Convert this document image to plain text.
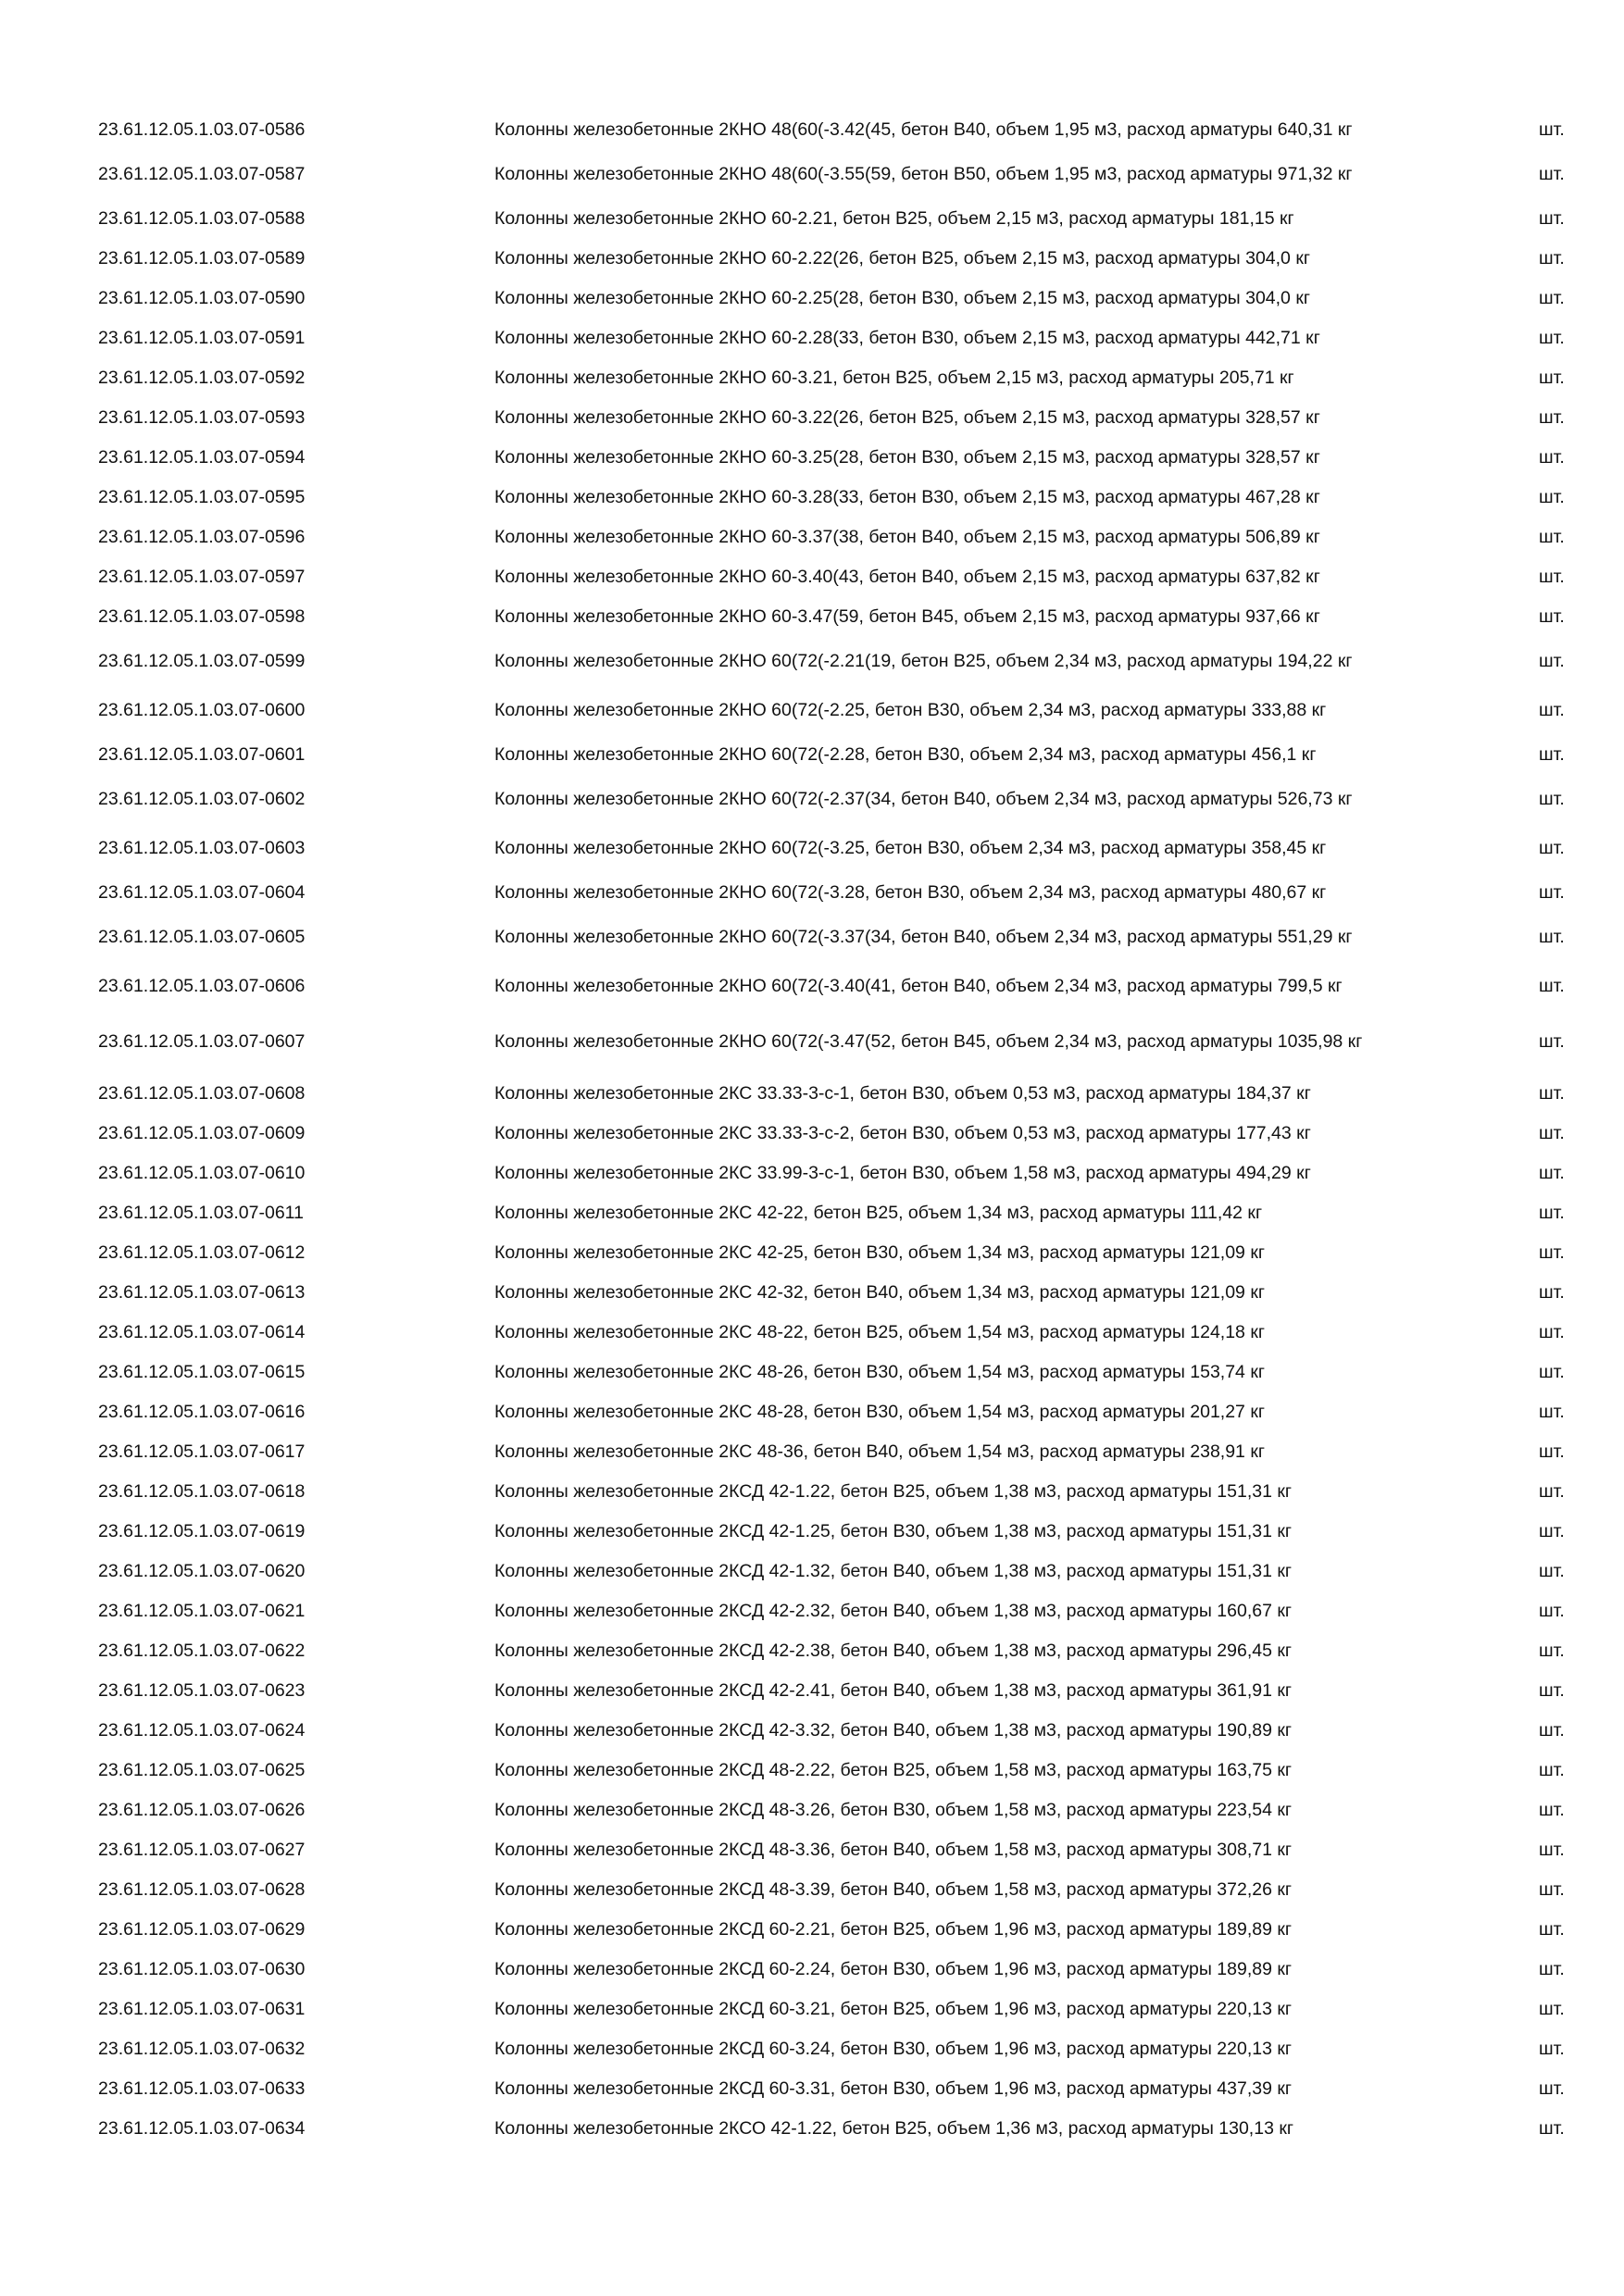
23.61.12.05.1.03.07-0586	Колонны железобетонные 2КНО 48(60(-3.42(45, бетон В40, объем 1,95 м3, расход арматуры 640,31 кг	шт.
23.61.12.05.1.03.07-0587	Колонны железобетонные 2КНО 48(60(-3.55(59, бетон В50, объем 1,95 м3, расход арматуры 971,32 кг	шт.
23.61.12.05.1.03.07-0588	Колонны железобетонные 2КНО 60-2.21, бетон В25, объем 2,15 м3, расход арматуры 181,15 кг	шт.
23.61.12.05.1.03.07-0589	Колонны железобетонные 2КНО 60-2.22(26, бетон В25, объем 2,15 м3, расход арматуры 304,0 кг	шт.
23.61.12.05.1.03.07-0590	Колонны железобетонные 2КНО 60-2.25(28, бетон В30, объем 2,15 м3, расход арматуры 304,0 кг	шт.
23.61.12.05.1.03.07-0591	Колонны железобетонные 2КНО 60-2.28(33, бетон В30, объем 2,15 м3, расход арматуры 442,71 кг	шт.
23.61.12.05.1.03.07-0592	Колонны железобетонные 2КНО 60-3.21, бетон В25, объем 2,15 м3, расход арматуры 205,71 кг	шт.
23.61.12.05.1.03.07-0593	Колонны железобетонные 2КНО 60-3.22(26, бетон В25, объем 2,15 м3, расход арматуры 328,57 кг	шт.
23.61.12.05.1.03.07-0594	Колонны железобетонные 2КНО 60-3.25(28, бетон В30, объем 2,15 м3, расход арматуры 328,57 кг	шт.
23.61.12.05.1.03.07-0595	Колонны железобетонные 2КНО 60-3.28(33, бетон В30, объем 2,15 м3, расход арматуры 467,28 кг	шт.
23.61.12.05.1.03.07-0596	Колонны железобетонные 2КНО 60-3.37(38, бетон В40, объем 2,15 м3, расход арматуры 506,89 кг	шт.
23.61.12.05.1.03.07-0597	Колонны железобетонные 2КНО 60-3.40(43, бетон В40, объем 2,15 м3, расход арматуры 637,82 кг	шт.
23.61.12.05.1.03.07-0598	Колонны железобетонные 2КНО 60-3.47(59, бетон В45, объем 2,15 м3, расход арматуры 937,66 кг	шт.
23.61.12.05.1.03.07-0599	Колонны железобетонные 2КНО 60(72(-2.21(19, бетон В25, объем 2,34 м3, расход арматуры 194,22 кг	шт.
23.61.12.05.1.03.07-0600	Колонны железобетонные 2КНО 60(72(-2.25, бетон В30, объем 2,34 м3, расход арматуры 333,88 кг	шт.
23.61.12.05.1.03.07-0601	Колонны железобетонные 2КНО 60(72(-2.28, бетон В30, объем 2,34 м3, расход арматуры 456,1 кг	шт.
23.61.12.05.1.03.07-0602	Колонны железобетонные 2КНО 60(72(-2.37(34, бетон В40, объем 2,34 м3, расход арматуры 526,73 кг	шт.
23.61.12.05.1.03.07-0603	Колонны железобетонные 2КНО 60(72(-3.25, бетон В30, объем 2,34 м3, расход арматуры 358,45 кг	шт.
23.61.12.05.1.03.07-0604	Колонны железобетонные 2КНО 60(72(-3.28, бетон В30, объем 2,34 м3, расход арматуры 480,67 кг	шт.
23.61.12.05.1.03.07-0605	Колонны железобетонные 2КНО 60(72(-3.37(34, бетон В40, объем 2,34 м3, расход арматуры 551,29 кг	шт.
23.61.12.05.1.03.07-0606	Колонны железобетонные 2КНО 60(72(-3.40(41, бетон В40, объем 2,34 м3, расход арматуры 799,5 кг	шт.
23.61.12.05.1.03.07-0607	Колонны железобетонные 2КНО 60(72(-3.47(52, бетон В45, объем 2,34 м3, расход арматуры 1035,98 кг	шт.
23.61.12.05.1.03.07-0608	Колонны железобетонные 2КС 33.33-3-с-1, бетон В30, объем 0,53 м3, расход арматуры 184,37 кг	шт.
23.61.12.05.1.03.07-0609	Колонны железобетонные 2КС 33.33-3-с-2, бетон В30, объем 0,53 м3, расход арматуры 177,43 кг	шт.
23.61.12.05.1.03.07-0610	Колонны железобетонные 2КС 33.99-3-с-1, бетон В30, объем 1,58 м3, расход арматуры 494,29 кг	шт.
23.61.12.05.1.03.07-0611	Колонны железобетонные 2КС 42-22, бетон В25, объем 1,34 м3, расход арматуры 111,42 кг	шт.
23.61.12.05.1.03.07-0612	Колонны железобетонные 2КС 42-25, бетон В30, объем 1,34 м3, расход арматуры 121,09 кг	шт.
23.61.12.05.1.03.07-0613	Колонны железобетонные 2КС 42-32, бетон В40, объем 1,34 м3, расход арматуры 121,09 кг	шт.
23.61.12.05.1.03.07-0614	Колонны железобетонные 2КС 48-22, бетон В25, объем 1,54 м3, расход арматуры 124,18 кг	шт.
23.61.12.05.1.03.07-0615	Колонны железобетонные 2КС 48-26, бетон В30, объем 1,54 м3, расход арматуры 153,74 кг	шт.
23.61.12.05.1.03.07-0616	Колонны железобетонные 2КС 48-28, бетон В30, объем 1,54 м3, расход арматуры 201,27 кг	шт.
23.61.12.05.1.03.07-0617	Колонны железобетонные 2КС 48-36, бетон В40, объем 1,54 м3, расход арматуры 238,91 кг	шт.
23.61.12.05.1.03.07-0618	Колонны железобетонные 2КСД 42-1.22, бетон В25, объем 1,38 м3, расход арматуры 151,31 кг	шт.
23.61.12.05.1.03.07-0619	Колонны железобетонные 2КСД 42-1.25, бетон В30, объем 1,38 м3, расход арматуры 151,31 кг	шт.
23.61.12.05.1.03.07-0620	Колонны железобетонные 2КСД 42-1.32, бетон В40, объем 1,38 м3, расход арматуры 151,31 кг	шт.
23.61.12.05.1.03.07-0621	Колонны железобетонные 2КСД 42-2.32, бетон В40, объем 1,38 м3, расход арматуры 160,67 кг	шт.
23.61.12.05.1.03.07-0622	Колонны железобетонные 2КСД 42-2.38, бетон В40, объем 1,38 м3, расход арматуры 296,45 кг	шт.
23.61.12.05.1.03.07-0623	Колонны железобетонные 2КСД 42-2.41, бетон В40, объем 1,38 м3, расход арматуры 361,91 кг	шт.
23.61.12.05.1.03.07-0624	Колонны железобетонные 2КСД 42-3.32, бетон В40, объем 1,38 м3, расход арматуры 190,89 кг	шт.
23.61.12.05.1.03.07-0625	Колонны железобетонные 2КСД 48-2.22, бетон В25, объем 1,58 м3, расход арматуры 163,75 кг	шт.
23.61.12.05.1.03.07-0626	Колонны железобетонные 2КСД 48-3.26, бетон В30, объем 1,58 м3, расход арматуры 223,54 кг	шт.
23.61.12.05.1.03.07-0627	Колонны железобетонные 2КСД 48-3.36, бетон В40, объем 1,58 м3, расход арматуры 308,71 кг	шт.
23.61.12.05.1.03.07-0628	Колонны железобетонные 2КСД 48-3.39, бетон В40, объем 1,58 м3, расход арматуры 372,26 кг	шт.
23.61.12.05.1.03.07-0629	Колонны железобетонные 2КСД 60-2.21, бетон В25, объем 1,96 м3, расход арматуры 189,89 кг	шт.
23.61.12.05.1.03.07-0630	Колонны железобетонные 2КСД 60-2.24, бетон В30, объем 1,96 м3, расход арматуры 189,89 кг	шт.
23.61.12.05.1.03.07-0631	Колонны железобетонные 2КСД 60-3.21, бетон В25, объем 1,96 м3, расход арматуры 220,13 кг	шт.
23.61.12.05.1.03.07-0632	Колонны железобетонные 2КСД 60-3.24, бетон В30, объем 1,96 м3, расход арматуры 220,13 кг	шт.
23.61.12.05.1.03.07-0633	Колонны железобетонные 2КСД 60-3.31, бетон В30, объем 1,96 м3, расход арматуры 437,39 кг	шт.
23.61.12.05.1.03.07-0634	Колонны железобетонные 2КСО 42-1.22, бетон В25, объем 1,36 м3, расход арматуры 130,13 кг	шт.
